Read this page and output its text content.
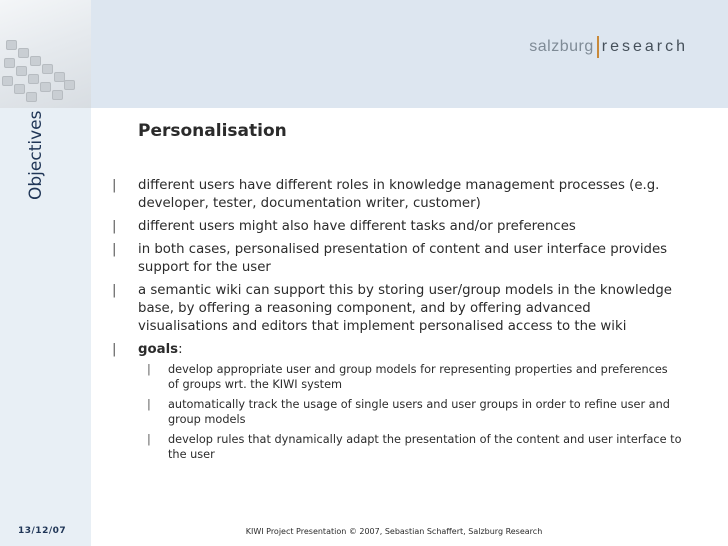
salzburg research
Objectives	Personalisation
| different users have different roles in knowledge management processes (e.g. developer, tester, documentation writer, customer)
| different users might also have different tasks and/or preferences
| in both cases, personalised presentation of content and user interface provides support for the user
| a semantic wiki can support this by storing user/group models in the knowledge base, by offering a reasoning component, and by offering advanced visualisations and editors that implement personalised access to the wiki
| goals:
| develop appropriate user and group models for representing properties and preferences of groups wrt. the KIWI system
| automatically track the usage of single users and user groups in order to refine user and group models
| develop rules that dynamically adapt the presentation of the content and user interface to the user
13/12/07	KIWI Project Presentation © 2007, Sebastian Schaffert, Salzburg Research
